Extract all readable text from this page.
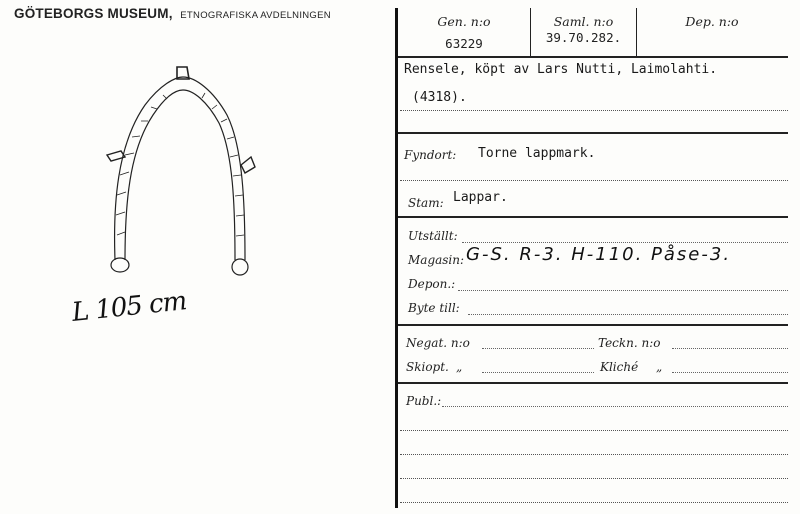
GÖTEBORGS MUSEUM, ETNOGRAFISKA AVDELNINGEN
L 105 cm
Gen. n:o
63229
Saml. n:o
39.70.282.
Dep. n:o
Rensele, köpt av Lars Nutti, Laimolahti.
(4318).
Fyndort: Torne lappmark.
Stam: Lappar.
Utställt:
Magasin: G-S. R-3. H-110. Påse-3.
Depon.:
Byte till:
Negat. n:o	Teckn. n:o
Skiopt. „	Kliché „
Publ.:
